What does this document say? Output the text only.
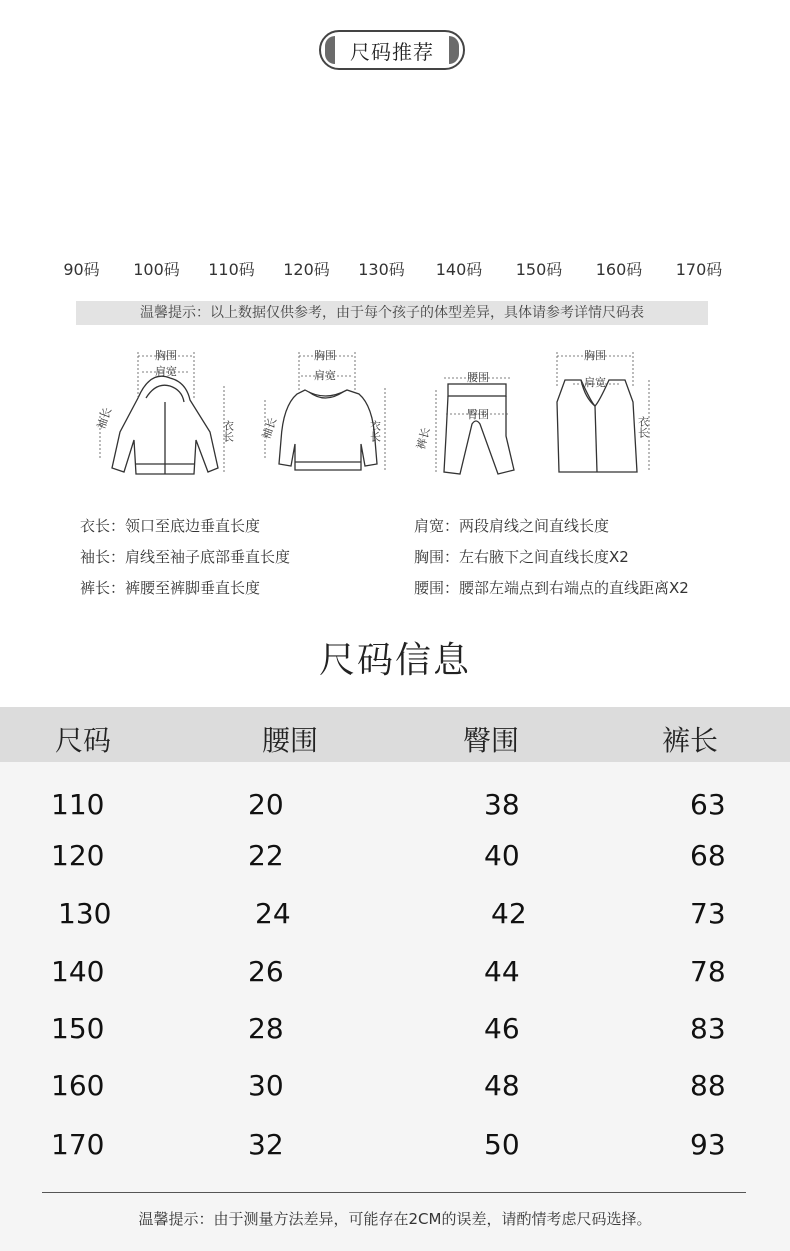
尺码推荐
90码	100码	110码	120码	130码	140码	150码	160码	170码
温馨提示：以上数据仅供参考，由于每个孩子的体型差异，具体请参考详情尺码表
胸围
肩宽
袖长	衣长
胸围
肩宽
袖长	衣长
腰围
臀围
裤长
胸围
肩宽
衣长
衣长：领口至底边垂直长度
袖长：肩线至袖子底部垂直长度
裤长：裤腰至裤脚垂直长度
肩宽：两段肩线之间直线长度
胸围：左右腋下之间直线长度X2
腰围：腰部左端点到右端点的直线距离X2
尺码信息
尺码	腰围	臀围	裤长
110	20	38	63
120	22	40	68
130	24	42	73
140	26	44	78
150	28	46	83
160	30	48	88
170	32	50	93
温馨提示：由于测量方法差异，可能存在2CM的误差，请酌情考虑尺码选择。
